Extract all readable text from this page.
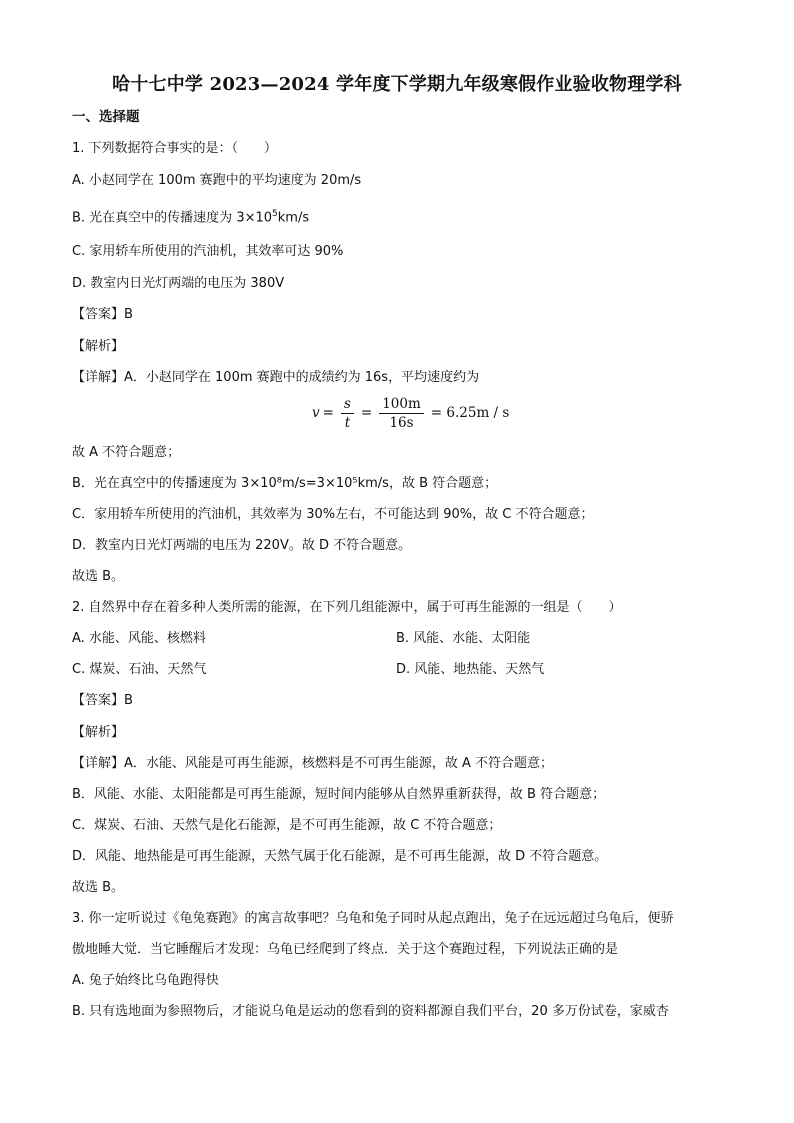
哈十七中学 2023—2024 学年度下学期九年级寒假作业验收物理学科
一、选择题
1. 下列数据符合事实的是：（　　）
A. 小赵同学在 100m 赛跑中的平均速度为 20m/s
B. 光在真空中的传播速度为 $3\times 10^5km/s$
C. 家用轿车所使用的汽油机，其效率可达 90%
D. 教室内日光灯两端的电压为 380V
【答案】B
【解析】
【详解】A．小赵同学在 100m 赛跑中的成绩约为 16s，平均速度约为
$v = \frac{s}{t} = \frac{100m}{16s} = 6.25m / s$
故 A 不符合题意；
B．光在真空中的传播速度为 3×10⁸m/s=3×10⁵km/s，故 B 符合题意；
C．家用轿车所使用的汽油机，其效率为 30%左右，不可能达到 90%，故 C 不符合题意；
D．教室内日光灯两端的电压为 220V。故 D 不符合题意。
故选 B。
2. 自然界中存在着多种人类所需的能源，在下列几组能源中，属于可再生能源的一组是（　　）
A. 水能、风能、核燃料	B. 风能、水能、太阳能
C. 煤炭、石油、天然气	D. 风能、地热能、天然气
【答案】B
【解析】
【详解】A．水能、风能是可再生能源，核燃料是不可再生能源，故 A 不符合题意；
B．风能、水能、太阳能都是可再生能源，短时间内能够从自然界重新获得，故 B 符合题意；
C．煤炭、石油、天然气是化石能源，是不可再生能源，故 C 不符合题意；
D．风能、地热能是可再生能源，天然气属于化石能源，是不可再生能源，故 D 不符合题意。
故选 B。
3. 你一定听说过《龟兔赛跑》的寓言故事吧？乌龟和兔子同时从起点跑出，兔子在远远超过乌龟后，便骄
傲地睡大觉．当它睡醒后才发现：乌龟已经爬到了终点．关于这个赛跑过程，下列说法正确的是
A. 兔子始终比乌龟跑得快
B. 只有选地面为参照物后，才能说乌龟是运动的您看到的资料都源自我们平台，20 多万份试卷，家威杏
